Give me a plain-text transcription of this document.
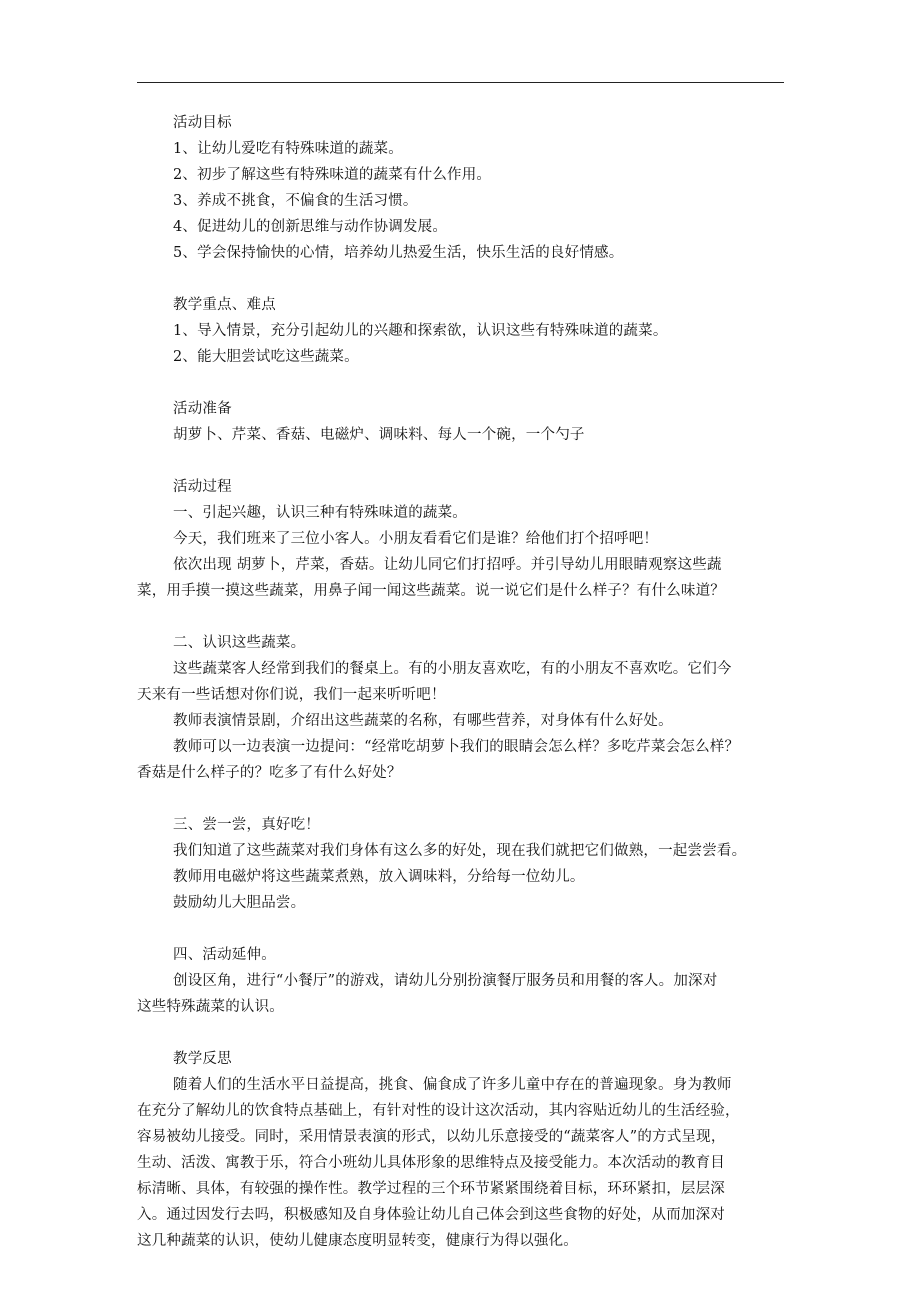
活动目标
1、让幼儿爱吃有特殊味道的蔬菜。
2、初步了解这些有特殊味道的蔬菜有什么作用。
3、养成不挑食，不偏食的生活习惯。
4、促进幼儿的创新思维与动作协调发展。
5、学会保持愉快的心情，培养幼儿热爱生活，快乐生活的良好情感。
教学重点、难点
1、导入情景，充分引起幼儿的兴趣和探索欲，认识这些有特殊味道的蔬菜。
2、能大胆尝试吃这些蔬菜。
活动准备
胡萝卜、芹菜、香菇、电磁炉、调味料、每人一个碗，一个勺子
活动过程
一、引起兴趣，认识三种有特殊味道的蔬菜。
今天，我们班来了三位小客人。小朋友看看它们是谁？给他们打个招呼吧！
依次出现 胡萝卜，芹菜，香菇。让幼儿同它们打招呼。并引导幼儿用眼睛观察这些蔬
菜，用手摸一摸这些蔬菜，用鼻子闻一闻这些蔬菜。说一说它们是什么样子？有什么味道？
二、认识这些蔬菜。
这些蔬菜客人经常到我们的餐桌上。有的小朋友喜欢吃，有的小朋友不喜欢吃。它们今
天来有一些话想对你们说，我们一起来听听吧！
教师表演情景剧，介绍出这些蔬菜的名称，有哪些营养，对身体有什么好处。
教师可以一边表演一边提问：“经常吃胡萝卜我们的眼睛会怎么样？多吃芹菜会怎么样？
香菇是什么样子的？吃多了有什么好处？
三、尝一尝，真好吃！
我们知道了这些蔬菜对我们身体有这么多的好处，现在我们就把它们做熟，一起尝尝看。
教师用电磁炉将这些蔬菜煮熟，放入调味料，分给每一位幼儿。
鼓励幼儿大胆品尝。
四、活动延伸。
创设区角，进行“小餐厅”的游戏，请幼儿分别扮演餐厅服务员和用餐的客人。加深对
这些特殊蔬菜的认识。
教学反思
随着人们的生活水平日益提高，挑食、偏食成了许多儿童中存在的普遍现象。身为教师
在充分了解幼儿的饮食特点基础上，有针对性的设计这次活动，其内容贴近幼儿的生活经验，
容易被幼儿接受。同时，采用情景表演的形式，以幼儿乐意接受的“蔬菜客人”的方式呈现，
生动、活泼、寓教于乐，符合小班幼儿具体形象的思维特点及接受能力。本次活动的教育目
标清晰、具体，有较强的操作性。教学过程的三个环节紧紧围绕着目标，环环紧扣，层层深
入。通过因发行去吗，积极感知及自身体验让幼儿自己体会到这些食物的好处，从而加深对
这几种蔬菜的认识，使幼儿健康态度明显转变，健康行为得以强化。
